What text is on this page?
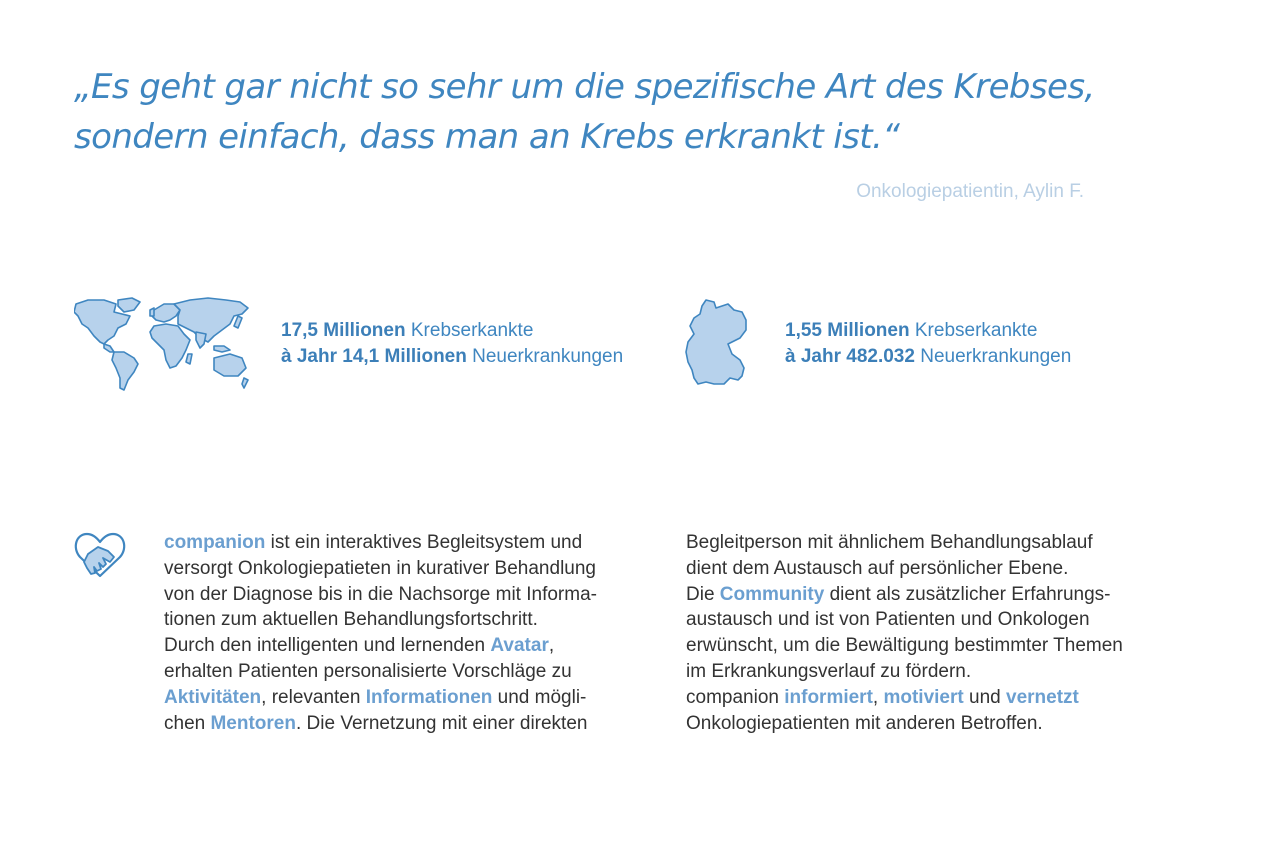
„Es geht gar nicht so sehr um die spezifische Art des Krebses,
sondern einfach, dass man an Krebs erkrankt ist.“
Onkologiepatientin, Aylin F.
17,5 Millionen Krebserkankte
à Jahr 14,1 Millionen Neuerkrankungen
1,55 Millionen Krebserkankte
à Jahr 482.032 Neuerkrankungen
companion ist ein interaktives Begleitsystem und
versorgt Onkologiepatieten in kurativer Behandlung
von der Diagnose bis in die Nachsorge mit Informa-
tionen zum aktuellen Behandlungsfortschritt.
Durch den intelligenten und lernenden Avatar,
erhalten Patienten personalisierte Vorschläge zu
Aktivitäten, relevanten Informationen und mögli-
chen Mentoren. Die Vernetzung mit einer direkten
Begleitperson mit ähnlichem Behandlungsablauf
dient dem Austausch auf persönlicher Ebene.
Die Community dient als zusätzlicher Erfahrungs-
austausch und ist von Patienten und Onkologen
erwünscht, um die Bewältigung bestimmter Themen
im Erkrankungsverlauf zu fördern.
companion informiert, motiviert und vernetzt
Onkologiepatienten mit anderen Betroffen.
